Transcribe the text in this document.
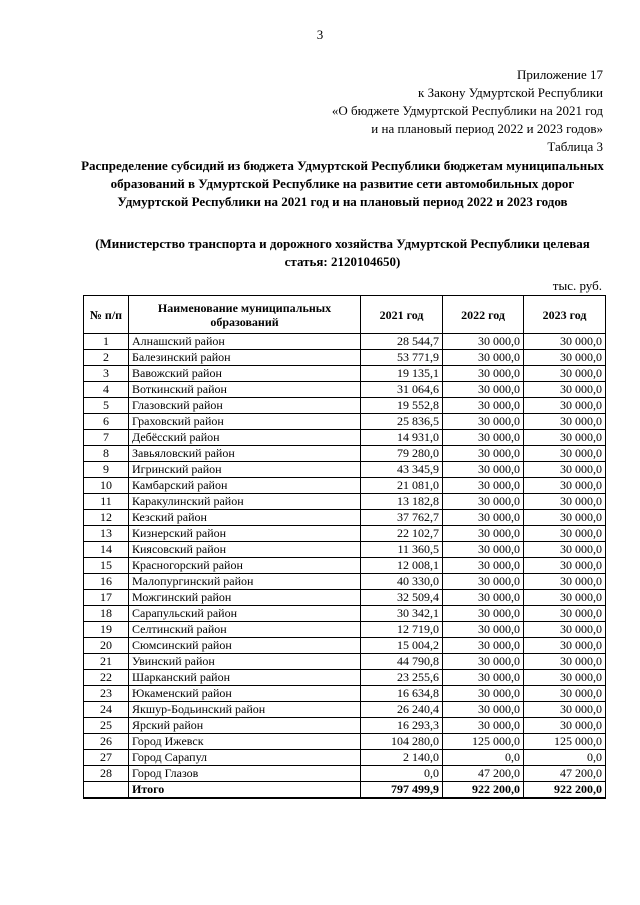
3
Приложение 17
к Закону Удмуртской Республики
«О бюджете Удмуртской Республики на 2021 год
и на плановый период 2022 и 2023 годов»
Таблица 3
Распределение субсидий из бюджета Удмуртской Республики бюджетам муниципальных образований в Удмуртской Республике на развитие сети автомобильных дорог Удмуртской Республики на 2021 год и на плановый период 2022 и 2023 годов
(Министерство транспорта и дорожного хозяйства Удмуртской Республики целевая статья: 2120104650)
тыс. руб.
№ п/п	Наименование муниципальных образований	2021 год	2022 год	2023 год
1	Алнашский район	28 544,7	30 000,0	30 000,0
2	Балезинский район	53 771,9	30 000,0	30 000,0
3	Вавожский район	19 135,1	30 000,0	30 000,0
4	Воткинский район	31 064,6	30 000,0	30 000,0
5	Глазовский район	19 552,8	30 000,0	30 000,0
6	Граховский район	25 836,5	30 000,0	30 000,0
7	Дебёсский район	14 931,0	30 000,0	30 000,0
8	Завьяловский район	79 280,0	30 000,0	30 000,0
9	Игринский район	43 345,9	30 000,0	30 000,0
10	Камбарский район	21 081,0	30 000,0	30 000,0
11	Каракулинский район	13 182,8	30 000,0	30 000,0
12	Кезский район	37 762,7	30 000,0	30 000,0
13	Кизнерский район	22 102,7	30 000,0	30 000,0
14	Киясовский район	11 360,5	30 000,0	30 000,0
15	Красногорский район	12 008,1	30 000,0	30 000,0
16	Малопургинский район	40 330,0	30 000,0	30 000,0
17	Можгинский район	32 509,4	30 000,0	30 000,0
18	Сарапульский район	30 342,1	30 000,0	30 000,0
19	Селтинский район	12 719,0	30 000,0	30 000,0
20	Сюмсинский район	15 004,2	30 000,0	30 000,0
21	Увинский район	44 790,8	30 000,0	30 000,0
22	Шарканский район	23 255,6	30 000,0	30 000,0
23	Юкаменский район	16 634,8	30 000,0	30 000,0
24	Якшур-Бодьинский район	26 240,4	30 000,0	30 000,0
25	Ярский район	16 293,3	30 000,0	30 000,0
26	Город Ижевск	104 280,0	125 000,0	125 000,0
27	Город Сарапул	2 140,0	0,0	0,0
28	Город Глазов	0,0	47 200,0	47 200,0
	Итого	797 499,9	922 200,0	922 200,0
